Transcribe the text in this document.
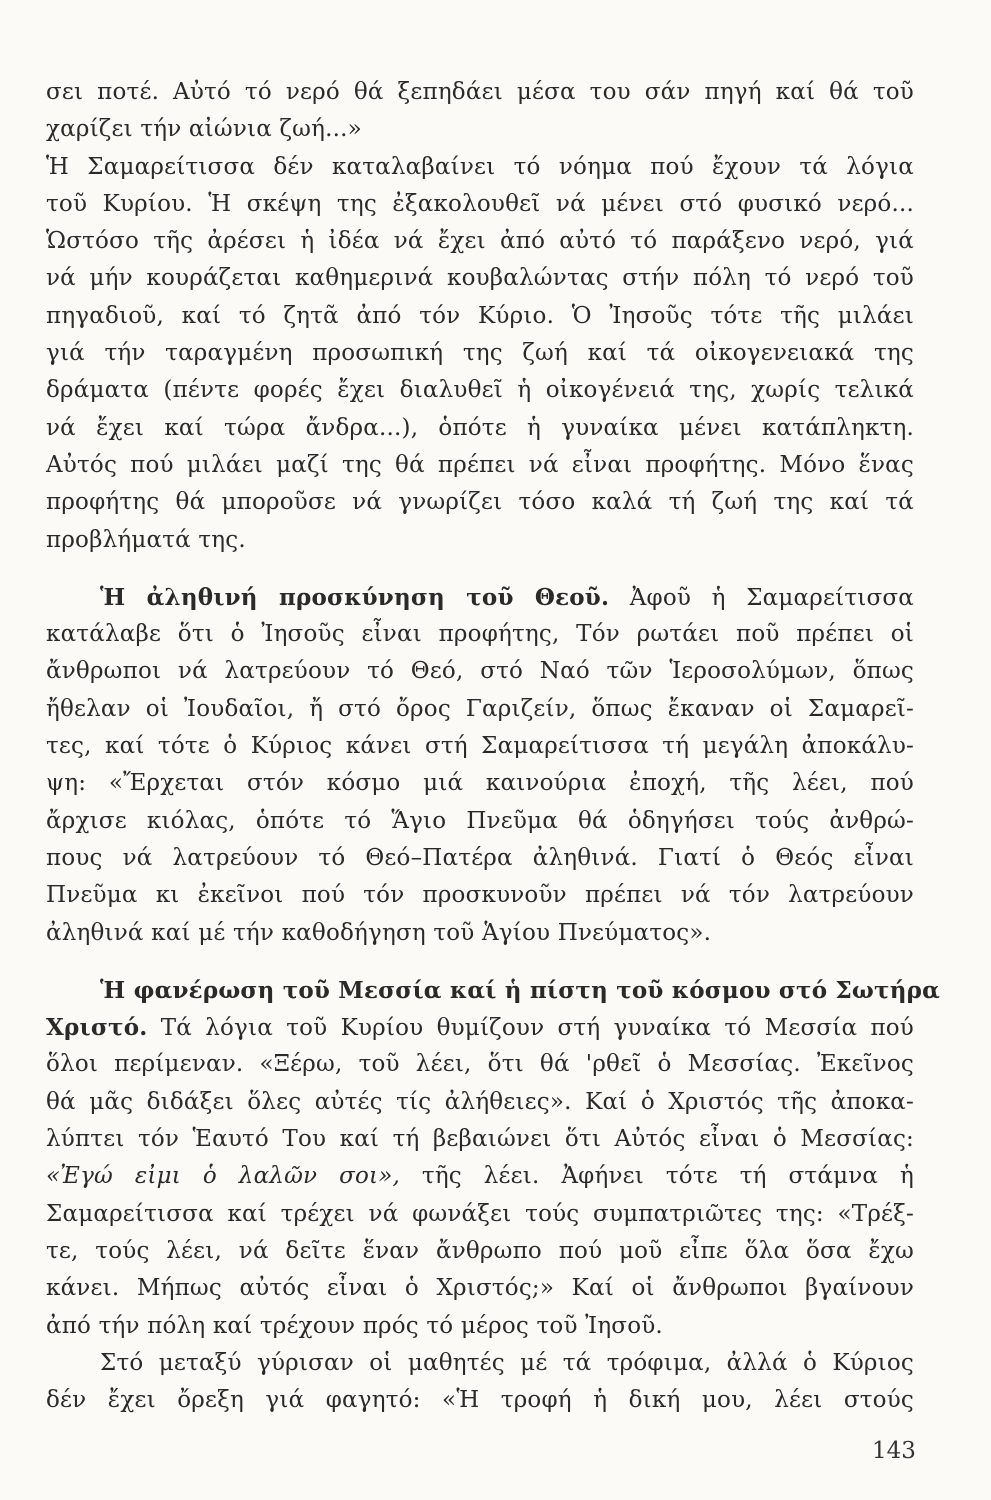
σει ποτέ. Αὐτό τό νερό θά ξεπηδάει μέσα του σάν πηγή καί θά τοῦ
χαρίζει τήν αἰώνια ζωή...»
Ἡ Σαμαρείτισσα δέν καταλαβαίνει τό νόημα πού ἔχουν τά λόγια
τοῦ Κυρίου. Ἡ σκέψη της ἐξακολουθεῖ νά μένει στό φυσικό νερό...
Ὡστόσο τῆς ἀρέσει ἡ ἰδέα νά ἔχει ἀπό αὐτό τό παράξενο νερό, γιά
νά μήν κουράζεται καθημερινά κουβαλώντας στήν πόλη τό νερό τοῦ
πηγαδιοῦ, καί τό ζητᾶ ἀπό τόν Κύριο. Ὁ Ἰησοῦς τότε τῆς μιλάει
γιά τήν ταραγμένη προσωπική της ζωή καί τά οἰκογενειακά της
δράματα (πέντε φορές ἔχει διαλυθεῖ ἡ οἰκογένειά της, χωρίς τελικά
νά ἔχει καί τώρα ἄνδρα...), ὁπότε ἡ γυναίκα μένει κατάπληκτη.
Αὐτός πού μιλάει μαζί της θά πρέπει νά εἶναι προφήτης. Μόνο ἕνας
προφήτης θά μποροῦσε νά γνωρίζει τόσο καλά τή ζωή της καί τά
προβλήματά της.
Ἡ ἀληθινή προσκύνηση τοῦ Θεοῦ. Ἀφοῦ ἡ Σαμαρείτισσα
κατάλαβε ὅτι ὁ Ἰησοῦς εἶναι προφήτης, Τόν ρωτάει ποῦ πρέπει οἱ
ἄνθρωποι νά λατρεύουν τό Θεό, στό Ναό τῶν Ἱεροσολύμων, ὅπως
ἤθελαν οἱ Ἰουδαῖοι, ἤ στό ὄρος Γαριζείν, ὅπως ἔκαναν οἱ Σαμαρεῖ-
τες, καί τότε ὁ Κύριος κάνει στή Σαμαρείτισσα τή μεγάλη ἀποκάλυ-
ψη: «Ἔρχεται στόν κόσμο μιά καινούρια ἐποχή, τῆς λέει, πού
ἄρχισε κιόλας, ὁπότε τό Ἅγιο Πνεῦμα θά ὁδηγήσει τούς ἀνθρώ-
πους νά λατρεύουν τό Θεό–Πατέρα ἀληθινά. Γιατί ὁ Θεός εἶναι
Πνεῦμα κι ἐκεῖνοι πού τόν προσκυνοῦν πρέπει νά τόν λατρεύουν
ἀληθινά καί μέ τήν καθοδήγηση τοῦ Ἁγίου Πνεύματος».
Ἡ φανέρωση τοῦ Μεσσία καί ἡ πίστη τοῦ κόσμου στό Σωτήρα
Χριστό. Τά λόγια τοῦ Κυρίου θυμίζουν στή γυναίκα τό Μεσσία πού
ὅλοι περίμεναν. «Ξέρω, τοῦ λέει, ὅτι θά 'ρθεῖ ὁ Μεσσίας. Ἐκεῖνος
θά μᾶς διδάξει ὅλες αὐτές τίς ἀλήθειες». Καί ὁ Χριστός τῆς ἀποκα-
λύπτει τόν Ἑαυτό Του καί τή βεβαιώνει ὅτι Αὐτός εἶναι ὁ Μεσσίας:
«Ἐγώ εἰμι ὁ λαλῶν σοι», τῆς λέει. Ἀφήνει τότε τή στάμνα ἡ
Σαμαρείτισσα καί τρέχει νά φωνάξει τούς συμπατριῶτες της: «Τρέξ-
τε, τούς λέει, νά δεῖτε ἕναν ἄνθρωπο πού μοῦ εἶπε ὅλα ὅσα ἔχω
κάνει. Μήπως αὐτός εἶναι ὁ Χριστός;» Καί οἱ ἄνθρωποι βγαίνουν
ἀπό τήν πόλη καί τρέχουν πρός τό μέρος τοῦ Ἰησοῦ.
Στό μεταξύ γύρισαν οἱ μαθητές μέ τά τρόφιμα, ἀλλά ὁ Κύριος
δέν ἔχει ὄρεξη γιά φαγητό: «Ἡ τροφή ἡ δική μου, λέει στούς
143
